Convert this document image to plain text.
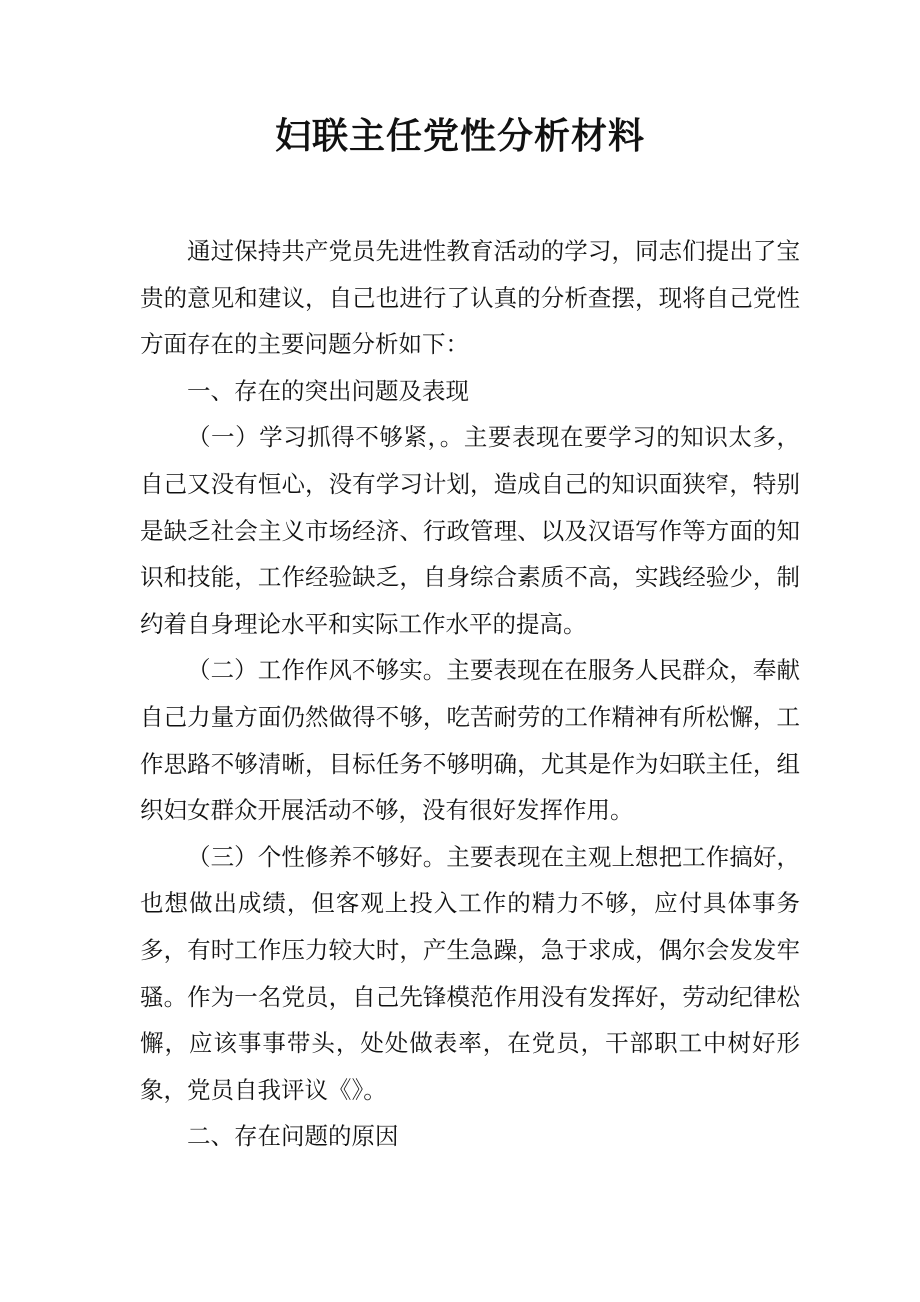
妇联主任党性分析材料

通过保持共产党员先进性教育活动的学习，同志们提出了宝贵的意见和建议，自己也进行了认真的分析查摆，现将自己党性方面存在的主要问题分析如下：

一、存在的突出问题及表现

（一）学习抓得不够紧，。主要表现在要学习的知识太多，自己又没有恒心，没有学习计划，造成自己的知识面狭窄，特别是缺乏社会主义市场经济、行政管理、以及汉语写作等方面的知识和技能，工作经验缺乏，自身综合素质不高，实践经验少，制约着自身理论水平和实际工作水平的提高。

（二）工作作风不够实。主要表现在在服务人民群众，奉献自己力量方面仍然做得不够，吃苦耐劳的工作精神有所松懈，工作思路不够清晰，目标任务不够明确，尤其是作为妇联主任，组织妇女群众开展活动不够，没有很好发挥作用。

（三）个性修养不够好。主要表现在主观上想把工作搞好，也想做出成绩，但客观上投入工作的精力不够，应付具体事务多，有时工作压力较大时，产生急躁，急于求成，偶尔会发发牢骚。作为一名党员，自己先锋模范作用没有发挥好，劳动纪律松懈，应该事事带头，处处做表率，在党员，干部职工中树好形象，党员自我评议《》。

二、存在问题的原因
